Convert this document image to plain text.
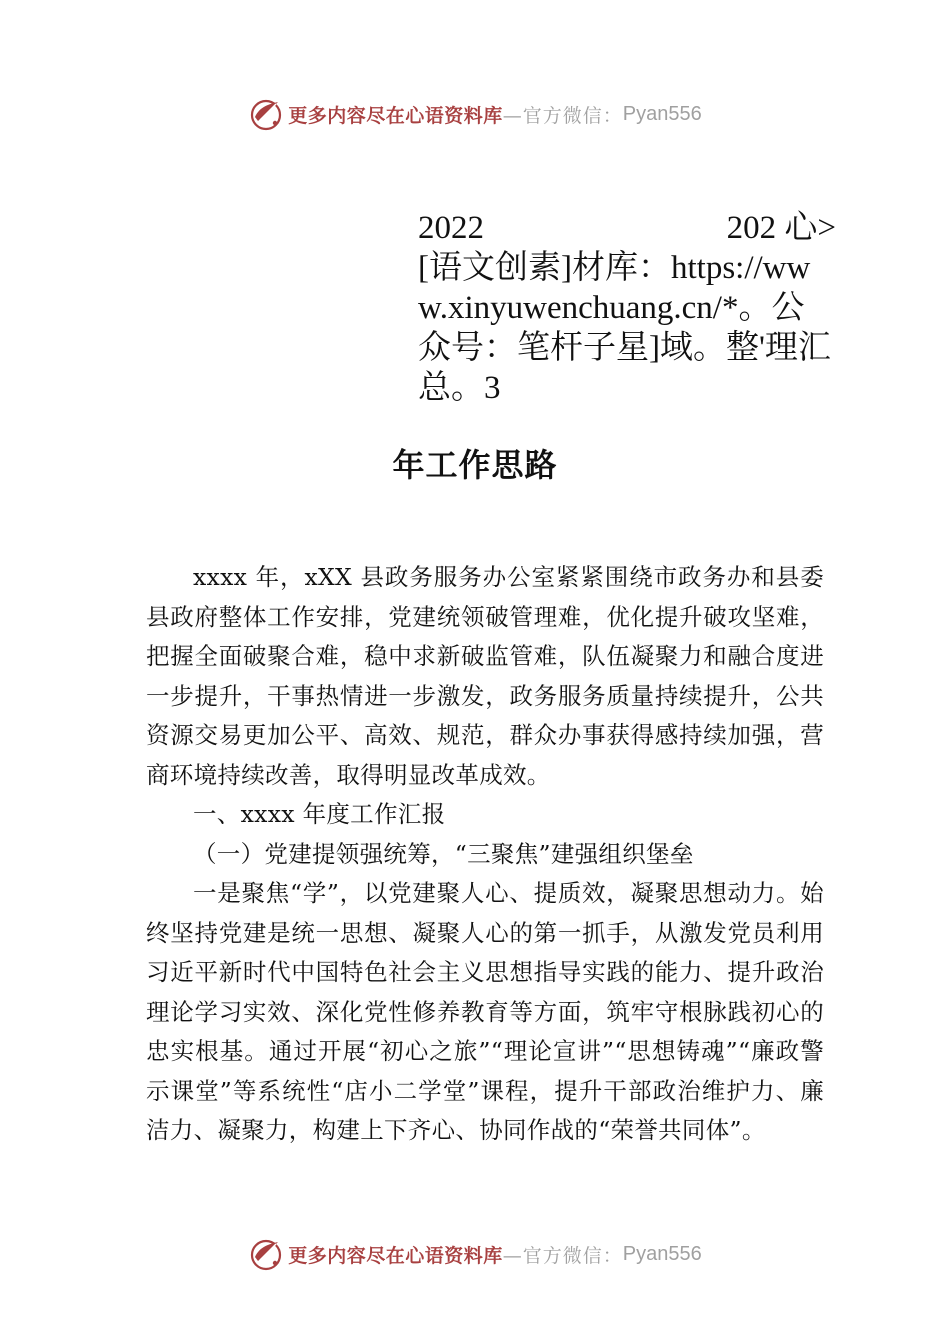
更多内容尽在心语资料库 —官方微信： Pyan556
2022	202 心>
[语文创素]材库：https://www.xinyuwenchuang.cn/*。公众号：笔杆子星]域。整'理汇总。3
年工作思路

xxxx 年，xXX 县政务服务办公室紧紧围绕市政务办和县委县政府整体工作安排，党建统领破管理难，优化提升破攻坚难，把握全面破聚合难，稳中求新破监管难，队伍凝聚力和融合度进一步提升，干事热情进一步激发，政务服务质量持续提升，公共资源交易更加公平、高效、规范，群众办事获得感持续加强，营商环境持续改善，取得明显改革成效。

一、xxxx 年度工作汇报

（一）党建提领强统筹，“三聚焦”建强组织堡垒

一是聚焦“学”，以党建聚人心、提质效，凝聚思想动力。始终坚持党建是统一思想、凝聚人心的第一抓手，从激发党员利用习近平新时代中国特色社会主义思想指导实践的能力、提升政治理论学习实效、深化党性修养教育等方面，筑牢守根脉践初心的忠实根基。通过开展“初心之旅”“理论宣讲”“思想铸魂”“廉政警示课堂”等系统性“店小二学堂”课程，提升干部政治维护力、廉洁力、凝聚力，构建上下齐心、协同作战的“荣誉共同体”。

更多内容尽在心语资料库 —官方微信： Pyan556
